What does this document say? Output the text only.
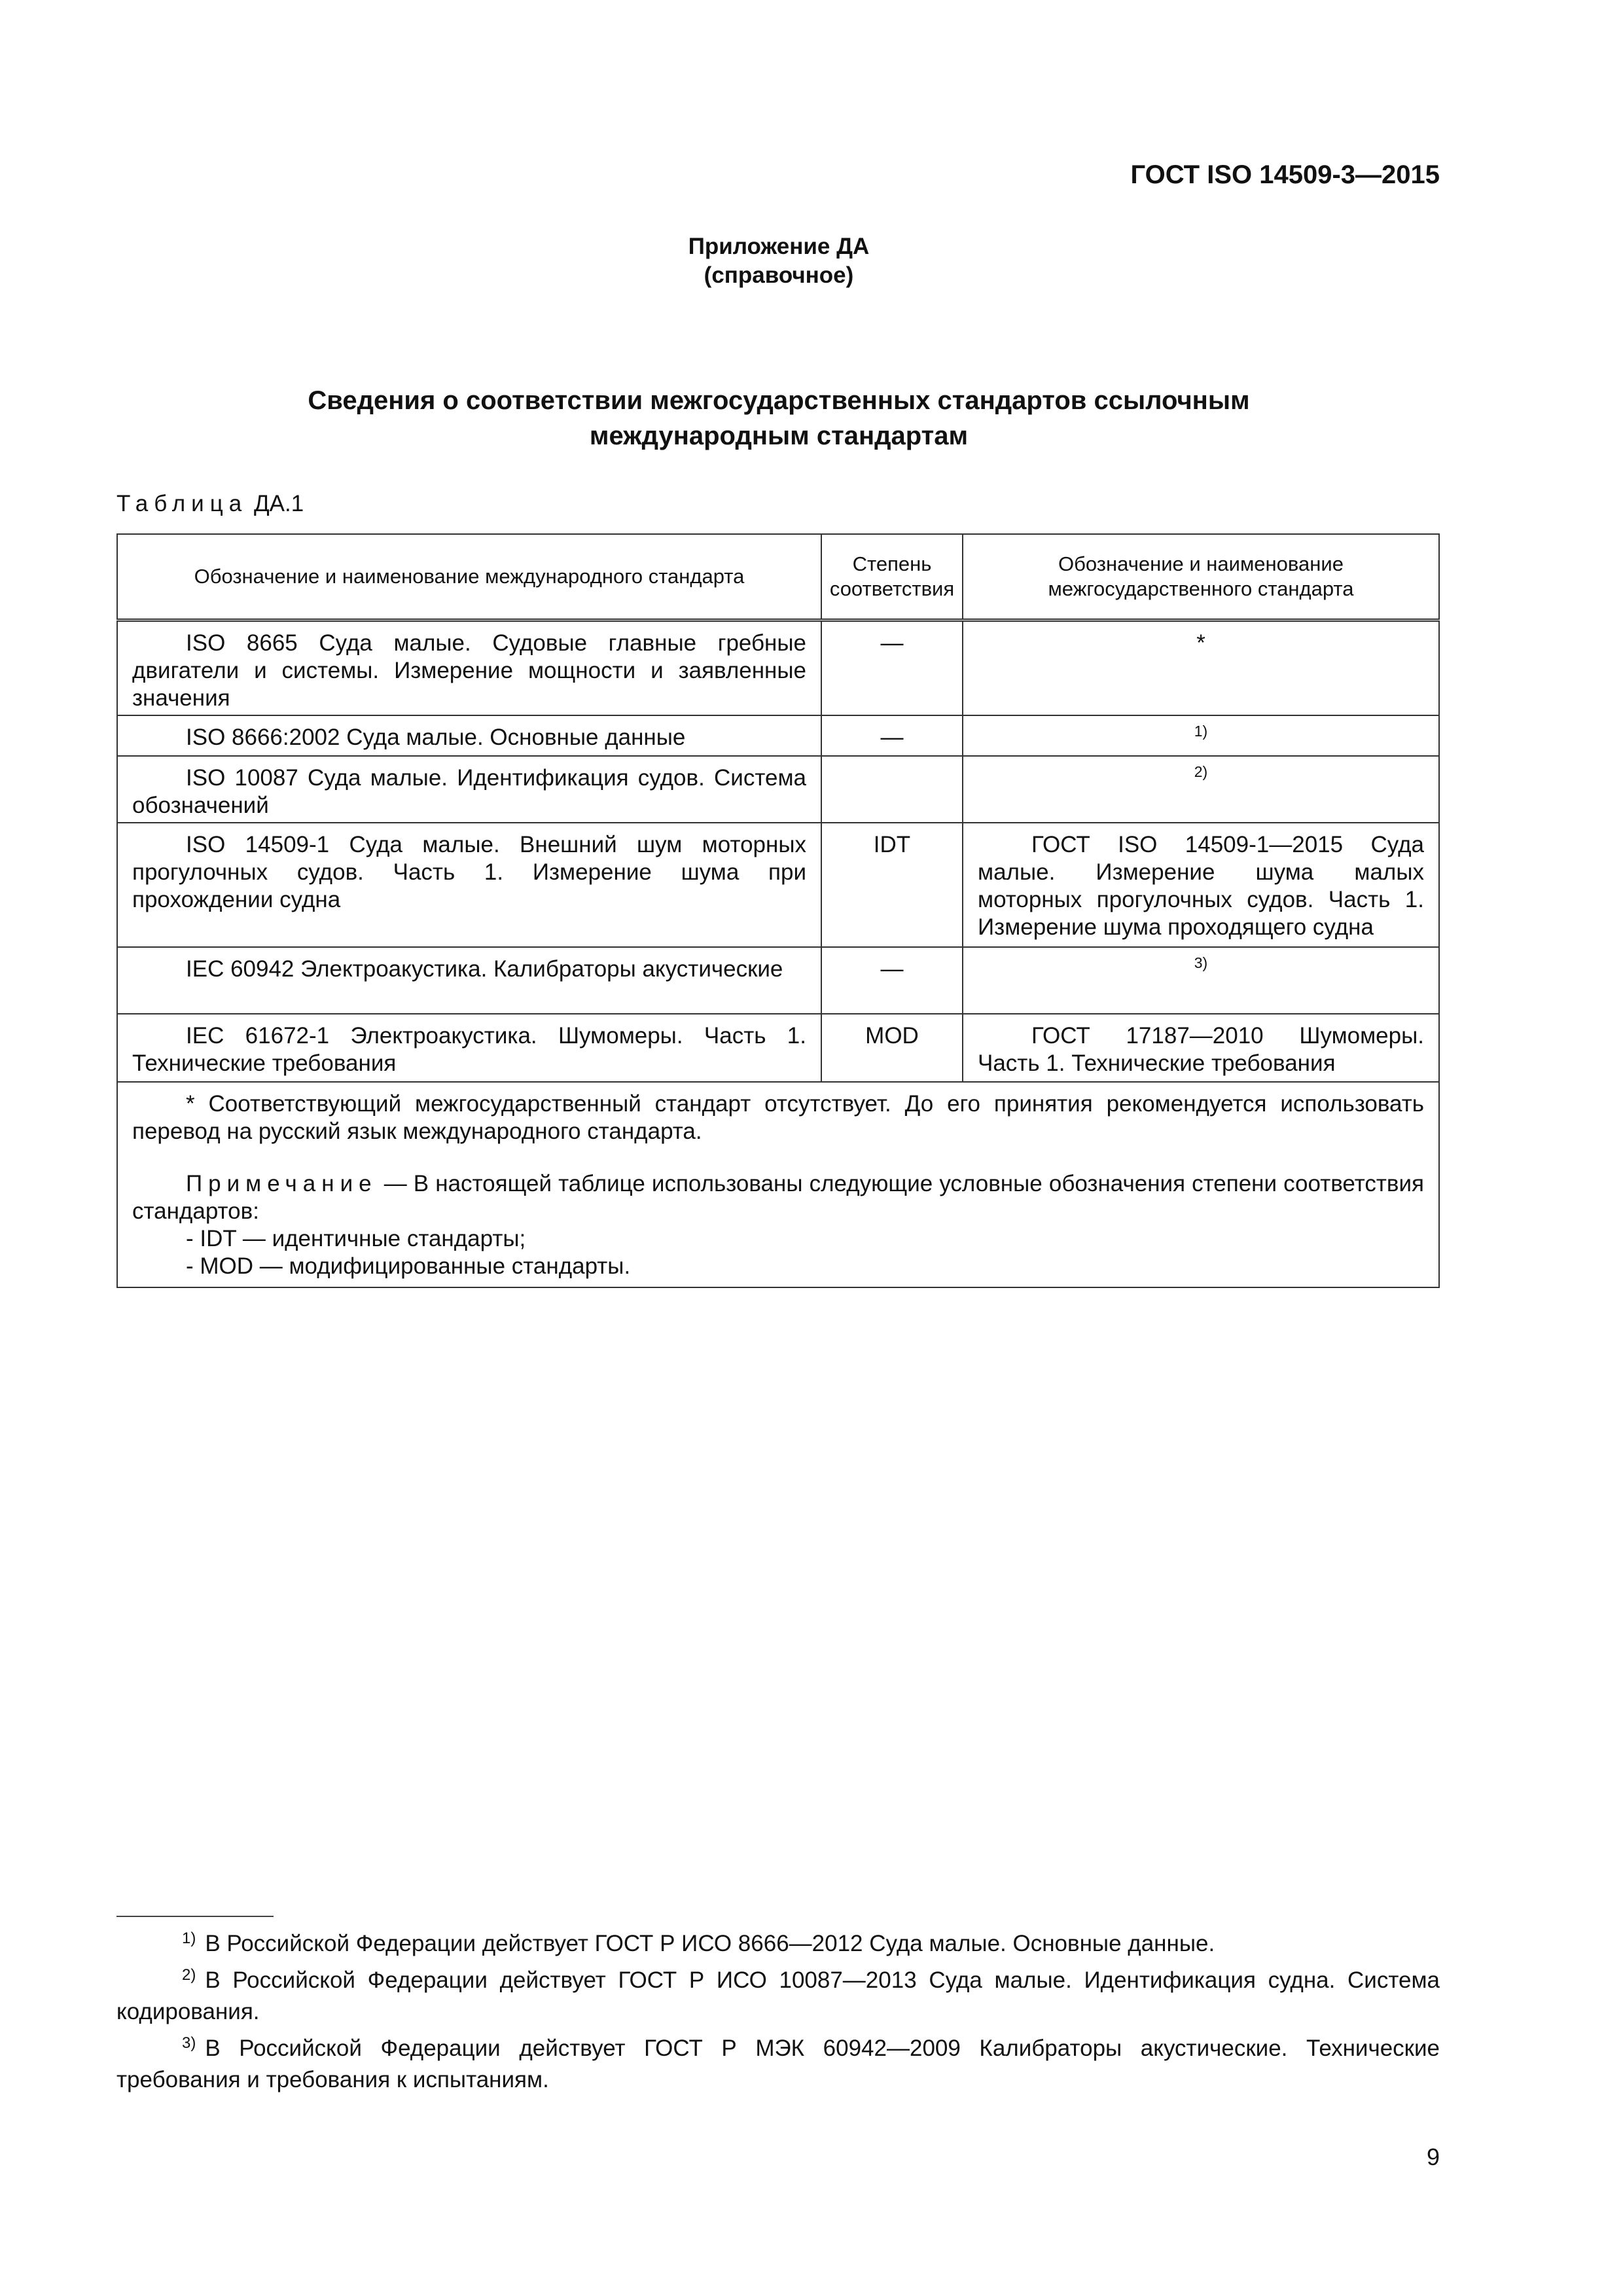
ГОСТ ISO 14509-3—2015
Приложение ДА
(справочное)
Сведения о соответствии межгосударственных стандартов ссылочным
международным стандартам
Таблица ДА.1
Обозначение и наименование международного стандарта	Степень соответствия	Обозначение и наименование межгосударственного стандарта
ISO 8665 Суда малые. Судовые главные гребные двигатели и системы. Измерение мощности и заявленные значения	—	*
ISO 8666:2002 Суда малые. Основные данные	—	1)
ISO 10087 Суда малые. Идентификация судов. Система обозначений		2)
ISO 14509-1 Суда малые. Внешний шум моторных прогулочных судов. Часть 1. Измерение шума при прохождении судна	IDT	ГОСТ ISO 14509-1—2015 Суда малые. Измерение шума малых моторных прогулочных судов. Часть 1. Измерение шума проходящего судна
IEC 60942 Электроакустика. Калибраторы акустические	—	3)
IEC 61672-1 Электроакустика. Шумомеры. Часть 1. Технические требования	MOD	ГОСТ 17187—2010 Шумомеры. Часть 1. Технические требования

* Соответствующий межгосударственный стандарт отсутствует. До его принятия рекомендуется использовать перевод на русский язык международного стандарта.

Примечание — В настоящей таблице использованы следующие условные обозначения степени соответствия стандартов:

- IDT — идентичные стандарты;

- MOD — модифицированные стандарты.		

$^{1)}$ В Российской Федерации действует ГОСТ Р ИСО 8666—2012 Суда малые. Основные данные.

$^{2)}$ В Российской Федерации действует ГОСТ Р ИСО 10087—2013 Суда малые. Идентификация судна. Система кодирования.

$^{3)}$ В Российской Федерации действует ГОСТ Р МЭК 60942—2009 Калибраторы акустические. Технические требования и требования к испытаниям.

9
